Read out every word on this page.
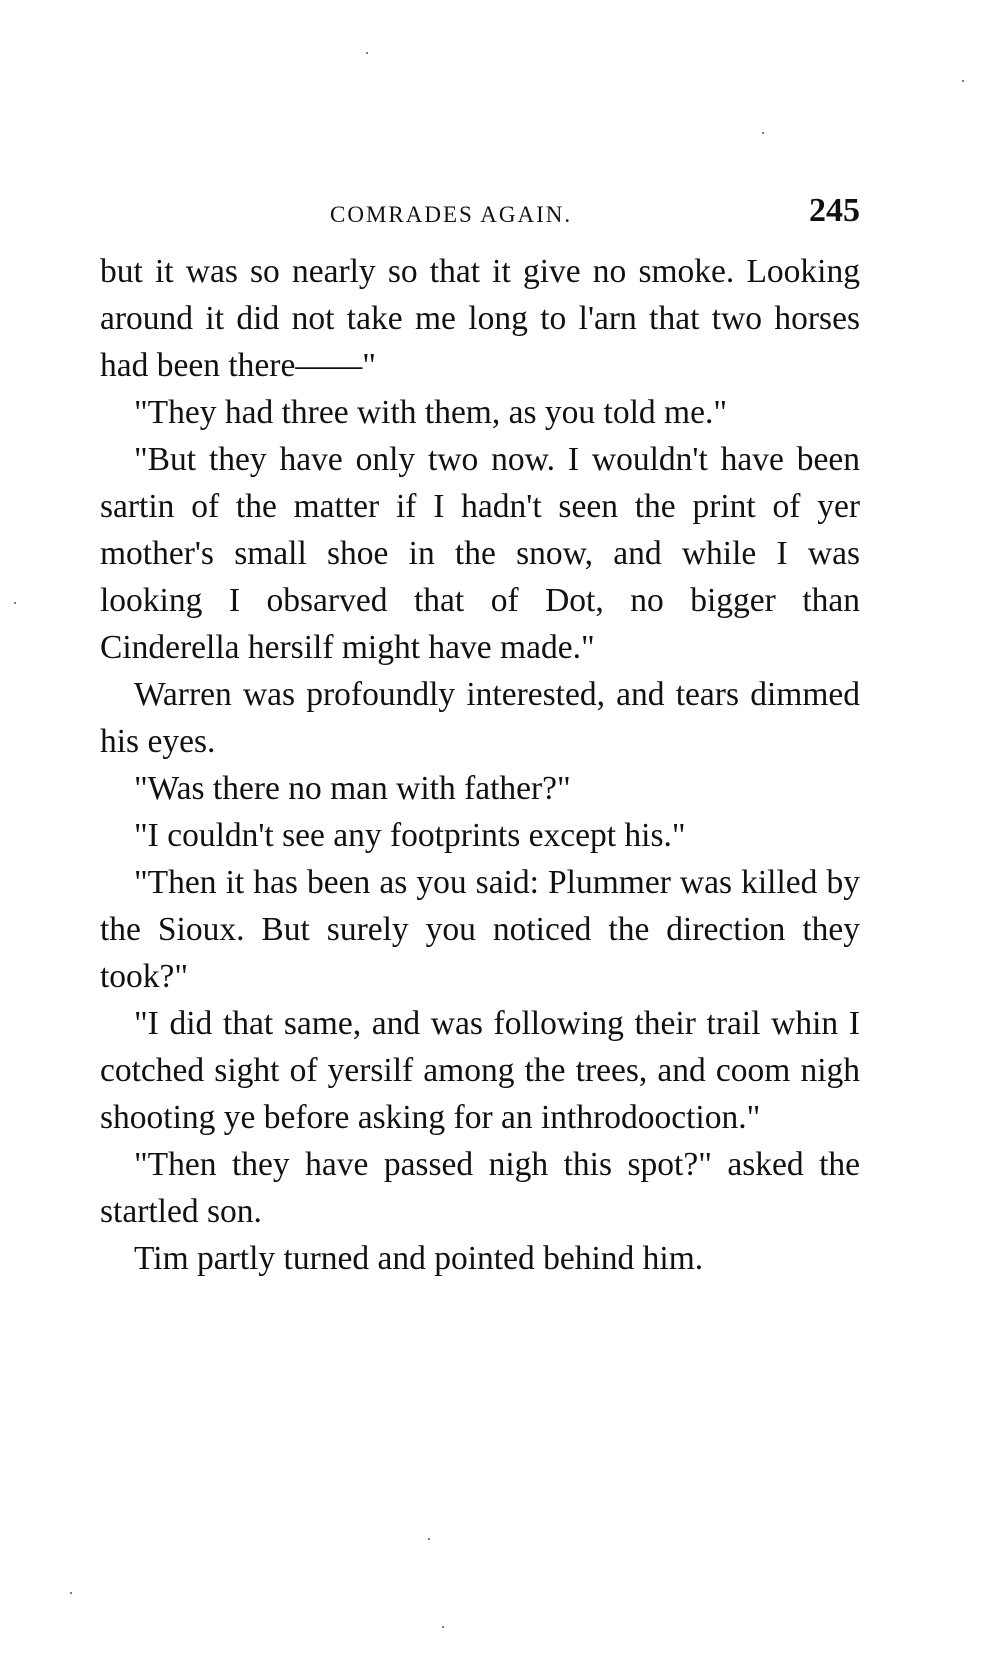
COMRADES AGAIN.	245

but it was so nearly so that it give no smoke. Looking around it did not take me long to l'arn that two horses had been there——"

"They had three with them, as you told me."

"But they have only two now. I wouldn't have been sartin of the matter if I hadn't seen the print of yer mother's small shoe in the snow, and while I was looking I obsarved that of Dot, no bigger than Cinderella hersilf might have made."

Warren was profoundly interested, and tears dimmed his eyes.

"Was there no man with father?"

"I couldn't see any footprints except his."

"Then it has been as you said: Plummer was killed by the Sioux. But surely you noticed the direction they took?"

"I did that same, and was following their trail whin I cotched sight of yersilf among the trees, and coom nigh shooting ye before asking for an inthrodooction."

"Then they have passed nigh this spot?" asked the startled son.

Tim partly turned and pointed behind him.
